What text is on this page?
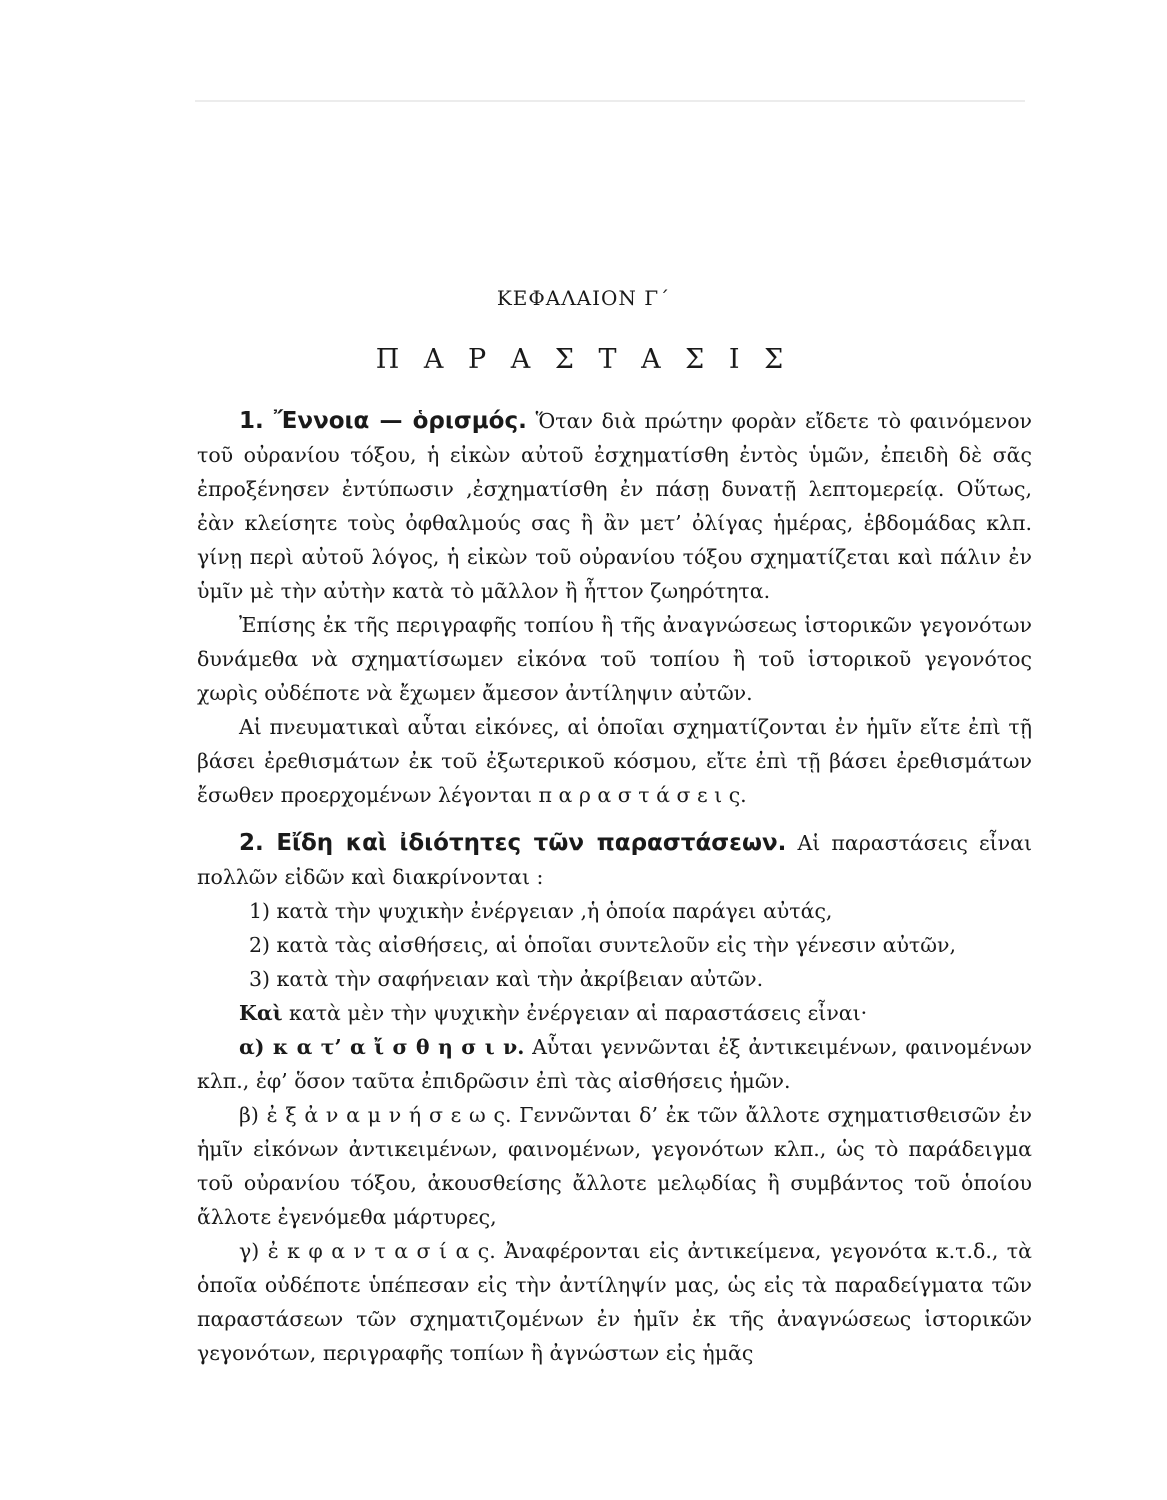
ΚΕΦΑΛΑΙΟΝ Γ΄
Π Α Ρ Α Σ Τ Α Σ Ι Σ

1. Ἔννοια — ὁρισμός. Ὅταν διὰ πρώτην φορὰν εἴδετε τὸ φαινόμενον τοῦ οὐρανίου τόξου, ἡ εἰκὼν αὐτοῦ ἐσχηματίσθη ἐντὸς ὑμῶν, ἐπειδὴ δὲ σᾶς ἐπροξένησεν ἐντύπωσιν ,ἐσχηματίσθη ἐν πάσῃ δυνατῇ λεπτομερείᾳ. Οὕτως, ἐὰν κλείσητε τοὺς ὀφθαλμούς σας ἢ ἂν μετ’ ὀλίγας ἡμέρας, ἑβδομάδας κλπ. γίνῃ περὶ αὐτοῦ λόγος, ἡ εἰκὼν τοῦ οὐρανίου τόξου σχηματίζεται καὶ πάλιν ἐν ὑμῖν μὲ τὴν αὐτὴν κατὰ τὸ μᾶλλον ἢ ἧττον ζωηρότητα.

Ἐπίσης ἐκ τῆς περιγραφῆς τοπίου ἢ τῆς ἀναγνώσεως ἱστορικῶν γεγονότων δυνάμεθα νὰ σχηματίσωμεν εἰκόνα τοῦ τοπίου ἢ τοῦ ἱστορικοῦ γεγονότος χωρὶς οὐδέποτε νὰ ἔχωμεν ἄμεσον ἀντίληψιν αὐτῶν.

Αἱ πνευματικαὶ αὗται εἰκόνες, αἱ ὁποῖαι σχηματίζονται ἐν ἡμῖν εἴτε ἐπὶ τῇ βάσει ἐρεθισμάτων ἐκ τοῦ ἐξωτερικοῦ κόσμου, εἴτε ἐπὶ τῇ βάσει ἐρεθισμάτων ἔσωθεν προερχομένων λέγονται π α ρ α σ τ ά σ ε ι ς.

2. Εἴδη καὶ ἰδιότητες τῶν παραστάσεων. Αἱ παραστάσεις εἶναι πολλῶν εἰδῶν καὶ διακρίνονται :

1) κατὰ τὴν ψυχικὴν ἐνέργειαν ,ἡ ὁποία παράγει αὐτάς,

2) κατὰ τὰς αἰσθήσεις, αἱ ὁποῖαι συντελοῦν εἰς τὴν γένεσιν αὐτῶν,

3) κατὰ τὴν σαφήνειαν καὶ τὴν ἀκρίβειαν αὐτῶν.

Καὶ κατὰ μὲν τὴν ψυχικὴν ἐνέργειαν αἱ παραστάσεις εἶναι·

α) κ α τ’ α ἴ σ θ η σ ι ν. Αὗται γεννῶνται ἐξ ἀντικειμένων, φαινομένων κλπ., ἐφ’ ὅσον ταῦτα ἐπιδρῶσιν ἐπὶ τὰς αἰσθήσεις ἡμῶν.

β) ἐ ξ ἀ ν α μ ν ή σ ε ω ς. Γεννῶνται δ’ ἐκ τῶν ἄλλοτε σχηματισθεισῶν ἐν ἡμῖν εἰκόνων ἀντικειμένων, φαινομένων, γεγονότων κλπ., ὡς τὸ παράδειγμα τοῦ οὐρανίου τόξου, ἀκουσθείσης ἄλλοτε μελῳδίας ἢ συμβάντος τοῦ ὁποίου ἄλλοτε ἐγενόμεθα μάρτυρες,

γ) ἐ κ φ α ν τ α σ ί α ς. Ἀναφέρονται εἰς ἀντικείμενα, γεγονότα κ.τ.δ., τὰ ὁποῖα οὐδέποτε ὑπέπεσαν εἰς τὴν ἀντίληψίν μας, ὡς εἰς τὰ παραδείγματα τῶν παραστάσεων τῶν σχηματιζομένων ἐν ἡμῖν ἐκ τῆς ἀναγνώσεως ἱστορικῶν γεγονότων, περιγραφῆς τοπίων ἢ ἀγνώστων εἰς ἡμᾶς
